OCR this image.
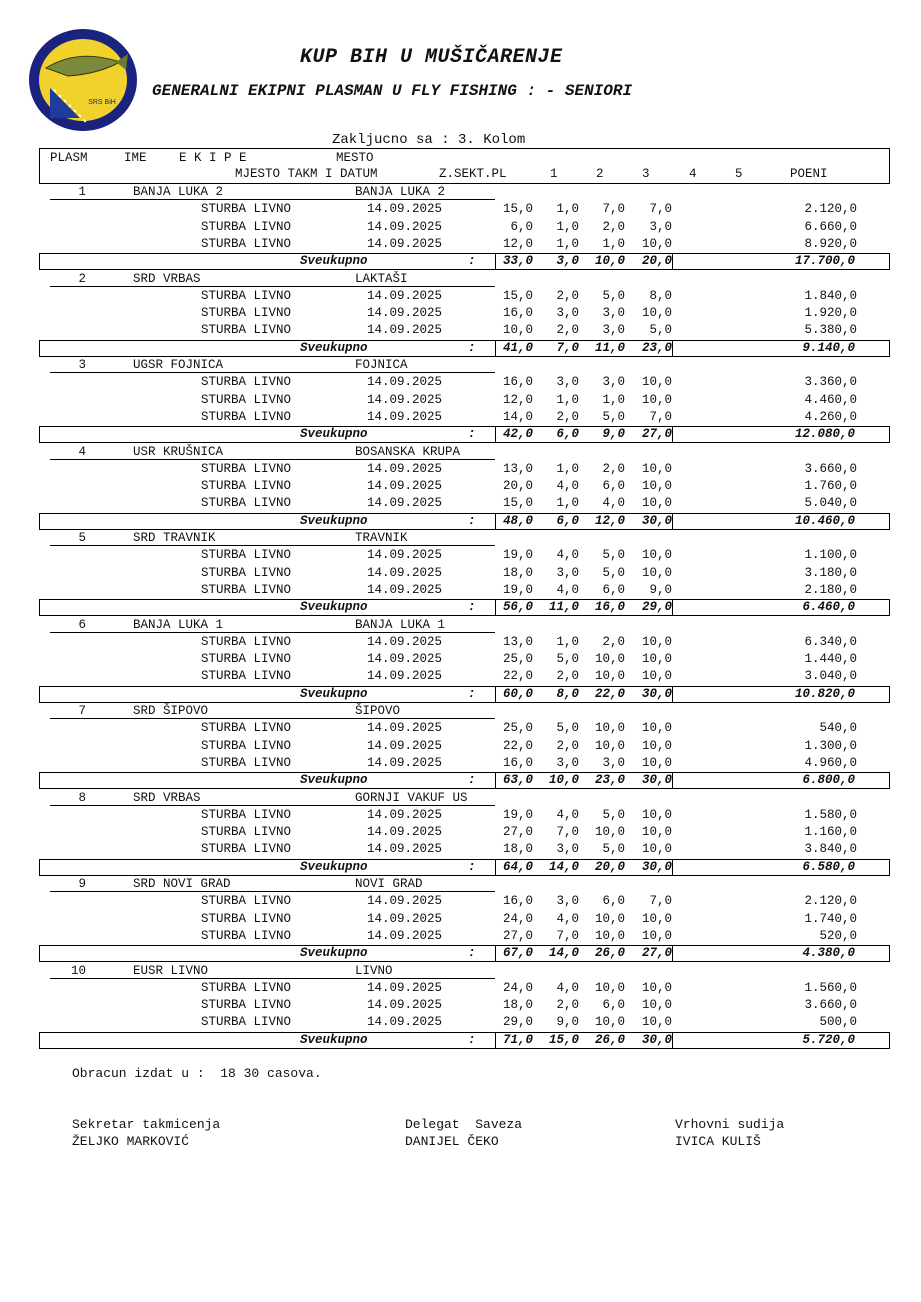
SRS BiH
KUP BIH U MUŠIČARENJE
GENERALNI EKIPNI PLASMAN U FLY FISHING : - SENIORI
Zakljucno sa : 3. Kolom
PLASM	IME	E K I P E	MESTO
MJESTO TAKM I DATUM	Z.SEKT.PL	1	2	3	4	5	POENI
1	BANJA LUKA 2	BANJA LUKA 2
STURBA LIVNO	14.09.2025	15,0 1,0 7,0 7,0	2.120,0
STURBA LIVNO	14.09.2025	6,0 1,0 2,0 3,0	6.660,0
STURBA LIVNO	14.09.2025	12,0 1,0 1,0 10,0	8.920,0
Sveukupno	: 33,0 3,0 10,0 20,0	17.700,0
2	SRD VRBAS	LAKTAŠI
STURBA LIVNO	14.09.2025	15,0 2,0 5,0 8,0	1.840,0
STURBA LIVNO	14.09.2025	16,0 3,0 3,0 10,0	1.920,0
STURBA LIVNO	14.09.2025	10,0 2,0 3,0 5,0	5.380,0
Sveukupno	: 41,0 7,0 11,0 23,0	9.140,0
3	UGSR FOJNICA	FOJNICA
STURBA LIVNO	14.09.2025	16,0 3,0 3,0 10,0	3.360,0
STURBA LIVNO	14.09.2025	12,0 1,0 1,0 10,0	4.460,0
STURBA LIVNO	14.09.2025	14,0 2,0 5,0 7,0	4.260,0
Sveukupno	: 42,0 6,0 9,0 27,0	12.080,0
4	USR KRUŠNICA	BOSANSKA KRUPA
STURBA LIVNO	14.09.2025	13,0 1,0 2,0 10,0	3.660,0
STURBA LIVNO	14.09.2025	20,0 4,0 6,0 10,0	1.760,0
STURBA LIVNO	14.09.2025	15,0 1,0 4,0 10,0	5.040,0
Sveukupno	: 48,0 6,0 12,0 30,0	10.460,0
5	SRD TRAVNIK	TRAVNIK
STURBA LIVNO	14.09.2025	19,0 4,0 5,0 10,0	1.100,0
STURBA LIVNO	14.09.2025	18,0 3,0 5,0 10,0	3.180,0
STURBA LIVNO	14.09.2025	19,0 4,0 6,0 9,0	2.180,0
Sveukupno	: 56,0 11,0 16,0 29,0	6.460,0
6	BANJA LUKA 1	BANJA LUKA 1
STURBA LIVNO	14.09.2025	13,0 1,0 2,0 10,0	6.340,0
STURBA LIVNO	14.09.2025	25,0 5,0 10,0 10,0	1.440,0
STURBA LIVNO	14.09.2025	22,0 2,0 10,0 10,0	3.040,0
Sveukupno	: 60,0 8,0 22,0 30,0	10.820,0
7	SRD ŠIPOVO	ŠIPOVO
STURBA LIVNO	14.09.2025	25,0 5,0 10,0 10,0	540,0
STURBA LIVNO	14.09.2025	22,0 2,0 10,0 10,0	1.300,0
STURBA LIVNO	14.09.2025	16,0 3,0 3,0 10,0	4.960,0
Sveukupno	: 63,0 10,0 23,0 30,0	6.800,0
8	SRD VRBAS	GORNJI VAKUF US
STURBA LIVNO	14.09.2025	19,0 4,0 5,0 10,0	1.580,0
STURBA LIVNO	14.09.2025	27,0 7,0 10,0 10,0	1.160,0
STURBA LIVNO	14.09.2025	18,0 3,0 5,0 10,0	3.840,0
Sveukupno	: 64,0 14,0 20,0 30,0	6.580,0
9	SRD NOVI GRAD	NOVI GRAD
STURBA LIVNO	14.09.2025	16,0 3,0 6,0 7,0	2.120,0
STURBA LIVNO	14.09.2025	24,0 4,0 10,0 10,0	1.740,0
STURBA LIVNO	14.09.2025	27,0 7,0 10,0 10,0	520,0
Sveukupno	: 67,0 14,0 26,0 27,0	4.380,0
10	EUSR LIVNO	LIVNO
STURBA LIVNO	14.09.2025	24,0 4,0 10,0 10,0	1.560,0
STURBA LIVNO	14.09.2025	18,0 2,0 6,0 10,0	3.660,0
STURBA LIVNO	14.09.2025	29,0 9,0 10,0 10,0	500,0
Sveukupno	: 71,0 15,0 26,0 30,0	5.720,0
Obracun izdat u :  18 30 casova.
Sekretar takmicenja
ŽELJKO MARKOVIĆ
Delegat  Saveza
DANIJEL ČEKO
Vrhovni sudija
IVICA KULIŠ
